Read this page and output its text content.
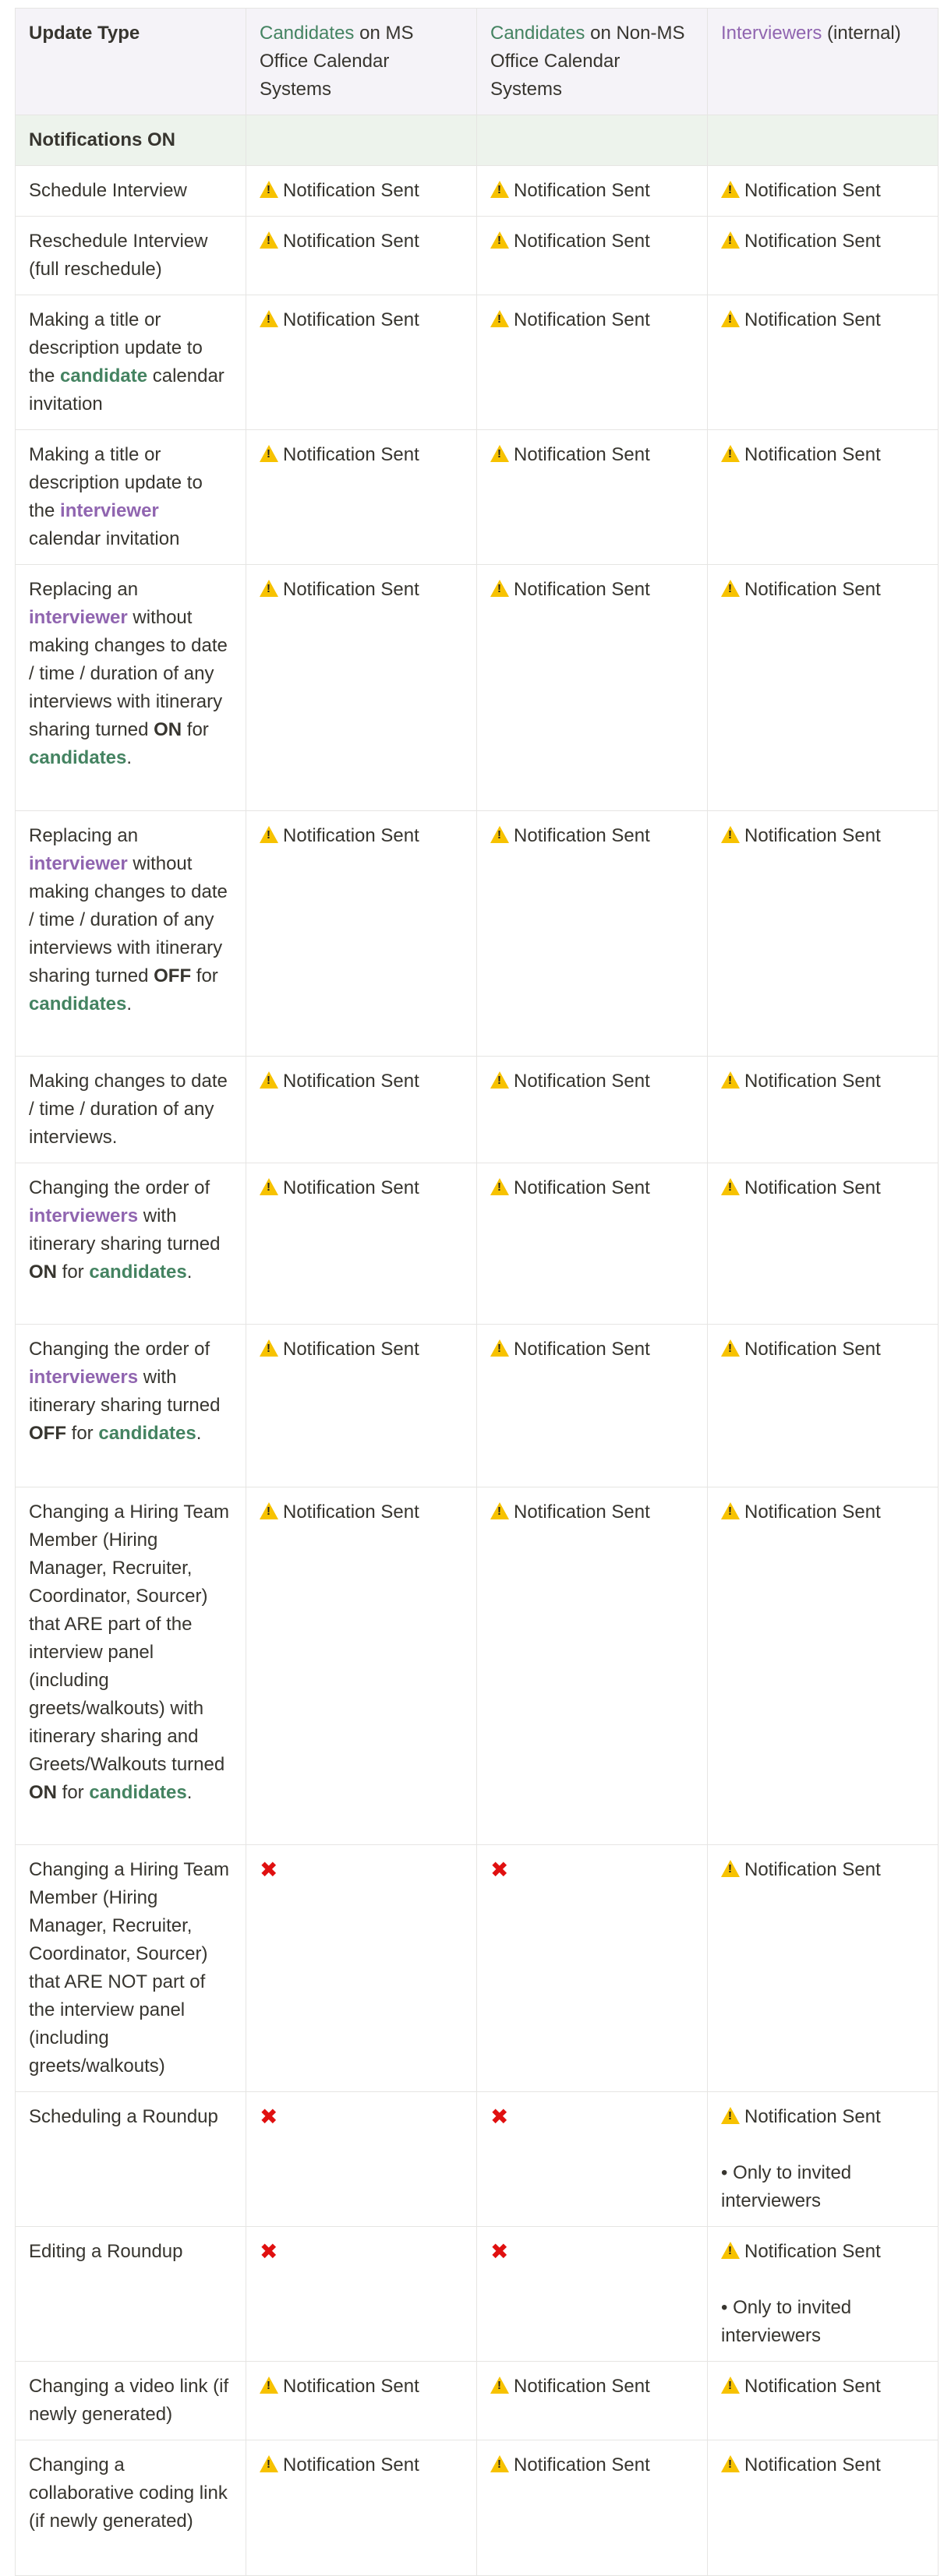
Update Type	Candidates on MS Office Calendar Systems	Candidates on Non-MS Office Calendar Systems	Interviewers (internal)
Notifications ON			
Schedule Interview	!Notification Sent	!Notification Sent	!Notification Sent
Reschedule Interview (full reschedule)	!Notification Sent	!Notification Sent	!Notification Sent
Making a title or description update to the candidate calendar invitation	!Notification Sent	!Notification Sent	!Notification Sent
Making a title or description update to the interviewer calendar invitation	!Notification Sent	!Notification Sent	!Notification Sent
Replacing an interviewer without making changes to date / time / duration of any interviews with itinerary sharing turned ON for candidates.	!Notification Sent	!Notification Sent	!Notification Sent
Replacing an interviewer without making changes to date / time / duration of any interviews with itinerary sharing turned OFF for candidates.	!Notification Sent	!Notification Sent	!Notification Sent
Making changes to date / time / duration of any interviews.	!Notification Sent	!Notification Sent	!Notification Sent
Changing the order of interviewers with itinerary sharing turned ON for candidates.	!Notification Sent	!Notification Sent	!Notification Sent
Changing the order of interviewers with itinerary sharing turned OFF for candidates.	!Notification Sent	!Notification Sent	!Notification Sent
Changing a Hiring Team Member (Hiring Manager, Recruiter, Coordinator, Sourcer) that ARE part of the interview panel (including greets/walkouts) with itinerary sharing and Greets/Walkouts turned ON for candidates.	!Notification Sent	!Notification Sent	!Notification Sent
Changing a Hiring Team Member (Hiring Manager, Recruiter, Coordinator, Sourcer) that ARE NOT part of the interview panel (including greets/walkouts)	✖	✖	!Notification Sent
Scheduling a Roundup	✖	✖	!Notification Sent
• Only to invited interviewers

Editing a Roundup	✖	✖	!Notification Sent
• Only to invited interviewers

Changing a video link (if newly generated)	!Notification Sent	!Notification Sent	!Notification Sent
Changing a collaborative coding link (if newly generated)	!Notification Sent	!Notification Sent	!Notification Sent
